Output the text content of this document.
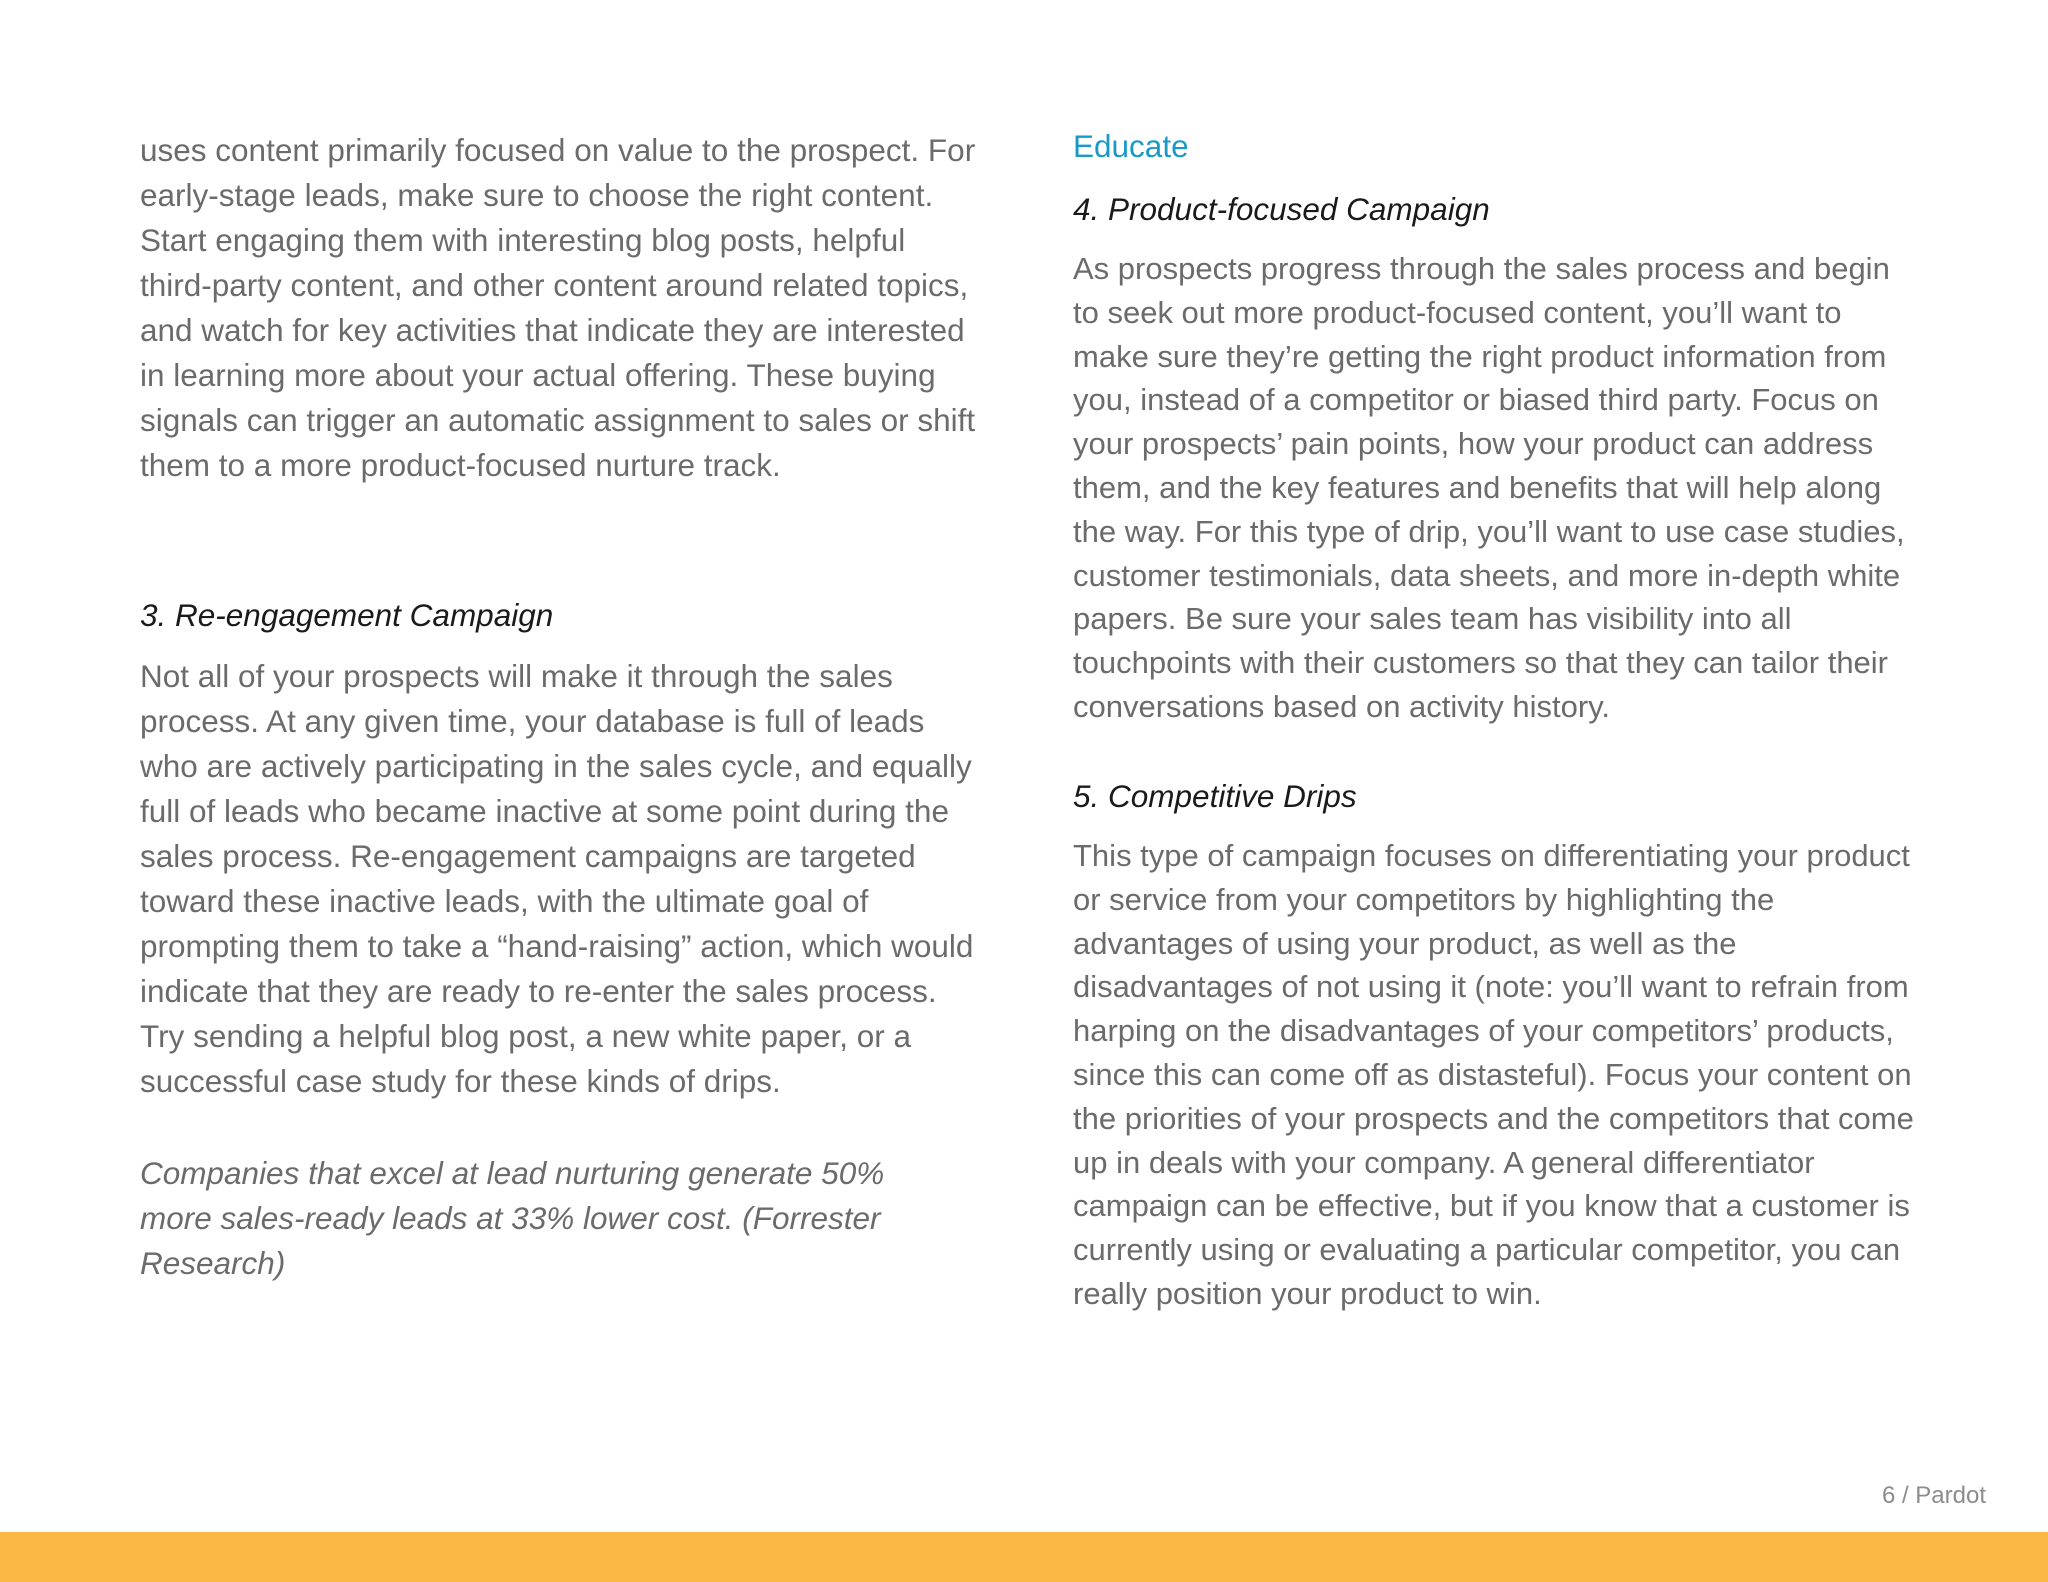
uses content primarily focused on value to the prospect. For early-stage leads, make sure to choose the right content. Start engaging them with interesting blog posts, helpful third-party content, and other content around related topics, and watch for key activities that indicate they are interested in learning more about your actual offering. These buying signals can trigger an automatic assignment to sales or shift them to a more product-focused nurture track.

3. Re-engagement Campaign

Not all of your prospects will make it through the sales process. At any given time, your database is full of leads who are actively participating in the sales cycle, and equally full of leads who became inactive at some point during the sales process. Re-engagement campaigns are targeted toward these inactive leads, with the ultimate goal of prompting them to take a “hand-raising” action, which would indicate that they are ready to re-enter the sales process. Try sending a helpful blog post, a new white paper, or a successful case study for these kinds of drips.

Companies that excel at lead nurturing generate 50% more sales-ready leads at 33% lower cost. (Forrester Research)

Educate
4. Product-focused Campaign

As prospects progress through the sales process and begin to seek out more product-focused content, you’ll want to make sure they’re getting the right product information from you, instead of a competitor or biased third party. Focus on your prospects’ pain points, how your product can address them, and the key features and benefits that will help along the way. For this type of drip, you’ll want to use case studies, customer testimonials, data sheets, and more in-depth white papers. Be sure your sales team has visibility into all touchpoints with their customers so that they can tailor their conversations based on activity history.

5. Competitive Drips

This type of campaign focuses on differentiating your product or service from your competitors by highlighting the advantages of using your product, as well as the disadvantages of not using it (note: you’ll want to refrain from harping on the disadvantages of your competitors’ products, since this can come off as distasteful). Focus your content on the priorities of your prospects and the competitors that come up in deals with your company. A general differentiator campaign can be effective, but if you know that a customer is currently using or evaluating a particular competitor, you can really position your product to win.

6 / Pardot
